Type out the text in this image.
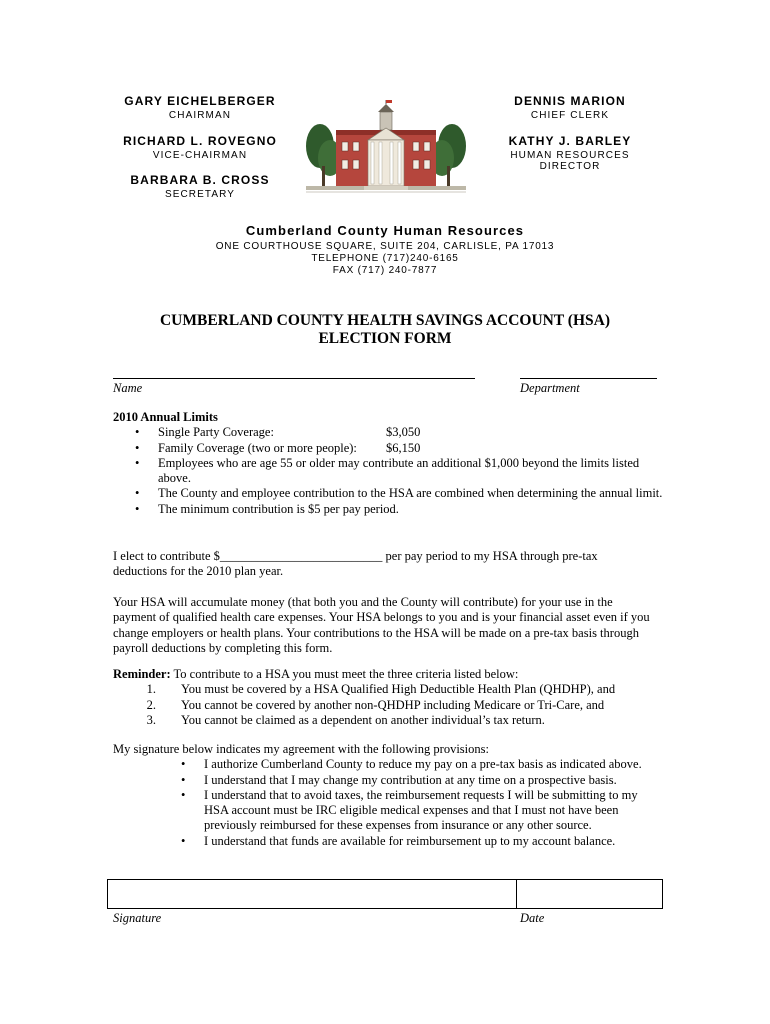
GARY EICHELBERGER
CHAIRMAN
RICHARD L. ROVEGNO
VICE-CHAIRMAN
BARBARA B. CROSS
SECRETARY
DENNIS MARION
CHIEF CLERK
KATHY J. BARLEY
HUMAN RESOURCES
DIRECTOR
Cumberland County Human Resources
ONE COURTHOUSE SQUARE, SUITE 204, CARLISLE, PA 17013
TELEPHONE (717)240-6165
FAX (717) 240-7877
CUMBERLAND COUNTY HEALTH SAVINGS ACCOUNT (HSA)
ELECTION FORM
Name	Department
2010 Annual Limits
• Single Party Coverage:	$3,050
• Family Coverage (two or more people): $6,150
• Employees who are age 55 or older may contribute an additional $1,000 beyond the limits listed above.
• The County and employee contribution to the HSA are combined when determining the annual limit.
• The minimum contribution is $5 per pay period.
I elect to contribute $__________________________ per pay period to my HSA through pre-tax deductions for the 2010 plan year.
Your HSA will accumulate money (that both you and the County will contribute) for your use in the payment of qualified health care expenses. Your HSA belongs to you and is your financial asset even if you change employers or health plans. Your contributions to the HSA will be made on a pre-tax basis through payroll deductions by completing this form.
Reminder: To contribute to a HSA you must meet the three criteria listed below:
1. You must be covered by a HSA Qualified High Deductible Health Plan (QHDHP), and
2. You cannot be covered by another non-QHDHP including Medicare or Tri-Care, and
3. You cannot be claimed as a dependent on another individual’s tax return.
My signature below indicates my agreement with the following provisions:
• I authorize Cumberland County to reduce my pay on a pre-tax basis as indicated above.
• I understand that I may change my contribution at any time on a prospective basis.
• I understand that to avoid taxes, the reimbursement requests I will be submitting to my HSA account must be IRC eligible medical expenses and that I must not have been previously reimbursed for these expenses from insurance or any other source.
• I understand that funds are available for reimbursement up to my account balance.
Signature	Date
